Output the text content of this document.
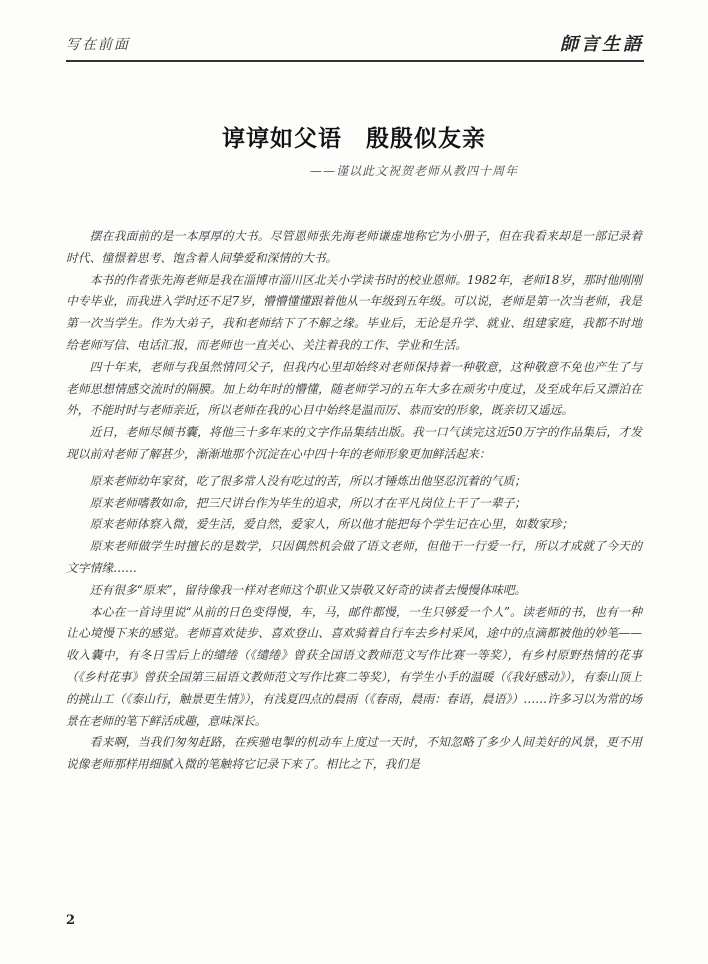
写在前面	師言生語
谆谆如父语　殷殷似友亲
——谨以此文祝贺老师从教四十周年

摆在我面前的是一本厚厚的大书。尽管恩师张先海老师谦虚地称它为小册子，但在我看来却是一部记录着时代、憧憬着思考、饱含着人间挚爱和深情的大书。

本书的作者张先海老师是我在淄博市淄川区北关小学读书时的校业恩师。1982年，老师18岁，那时他刚刚中专毕业，而我进入学时还不足7岁，懵懵懂懂跟着他从一年级到五年级。可以说，老师是第一次当老师，我是第一次当学生。作为大弟子，我和老师结下了不解之缘。毕业后，无论是升学、就业、组建家庭，我都不时地给老师写信、电话汇报，而老师也一直关心、关注着我的工作、学业和生活。

四十年来，老师与我虽然情同父子，但我内心里却始终对老师保持着一种敬意，这种敬意不免也产生了与老师思想情感交流时的隔膜。加上幼年时的懵懂，随老师学习的五年大多在顽劣中度过，及至成年后又漂泊在外，不能时时与老师亲近，所以老师在我的心目中始终是温而厉、恭而安的形象，既亲切又遥远。

近日，老师尽倾书囊，将他三十多年来的文字作品集结出版。我一口气读完这近50万字的作品集后，才发现以前对老师了解甚少，渐渐地那个沉淀在心中四十年的老师形象更加鲜活起来：

原来老师幼年家贫，吃了很多常人没有吃过的苦，所以才锤炼出他坚忍沉着的气质；

原来老师嗜教如命，把三尺讲台作为毕生的追求，所以才在平凡岗位上干了一辈子；

原来老师体察入微，爱生活，爱自然，爱家人，所以他才能把每个学生记在心里，如数家珍；

原来老师做学生时擅长的是数学，只因偶然机会做了语文老师，但他干一行爱一行，所以才成就了今天的文字情缘……

还有很多“原来”，留待像我一样对老师这个职业又崇敬又好奇的读者去慢慢体味吧。

本心在一首诗里说“从前的日色变得慢，车，马，邮件都慢，一生只够爱一个人”。读老师的书，也有一种让心境慢下来的感觉。老师喜欢徒步、喜欢登山、喜欢骑着自行车去乡村采风，途中的点滴都被他的妙笔——收入囊中，有冬日雪后上的缱绻（《缱绻》曾获全国语文教师范文写作比赛一等奖），有乡村原野热情的花事（《乡村花事》曾获全国第三届语文教师范文写作比赛二等奖），有学生小手的温暖（《我好感动》），有泰山顶上的挑山工（《泰山行，触景更生情》），有浅夏四点的晨雨（《春雨，晨雨：春语，晨语》）……许多习以为常的场景在老师的笔下鲜活成趣，意味深长。

看来啊，当我们匆匆赶路，在疾驰电掣的机动车上度过一天时，不知忽略了多少人间美好的风景，更不用说像老师那样用细腻入微的笔触将它记录下来了。相比之下，我们是

2
